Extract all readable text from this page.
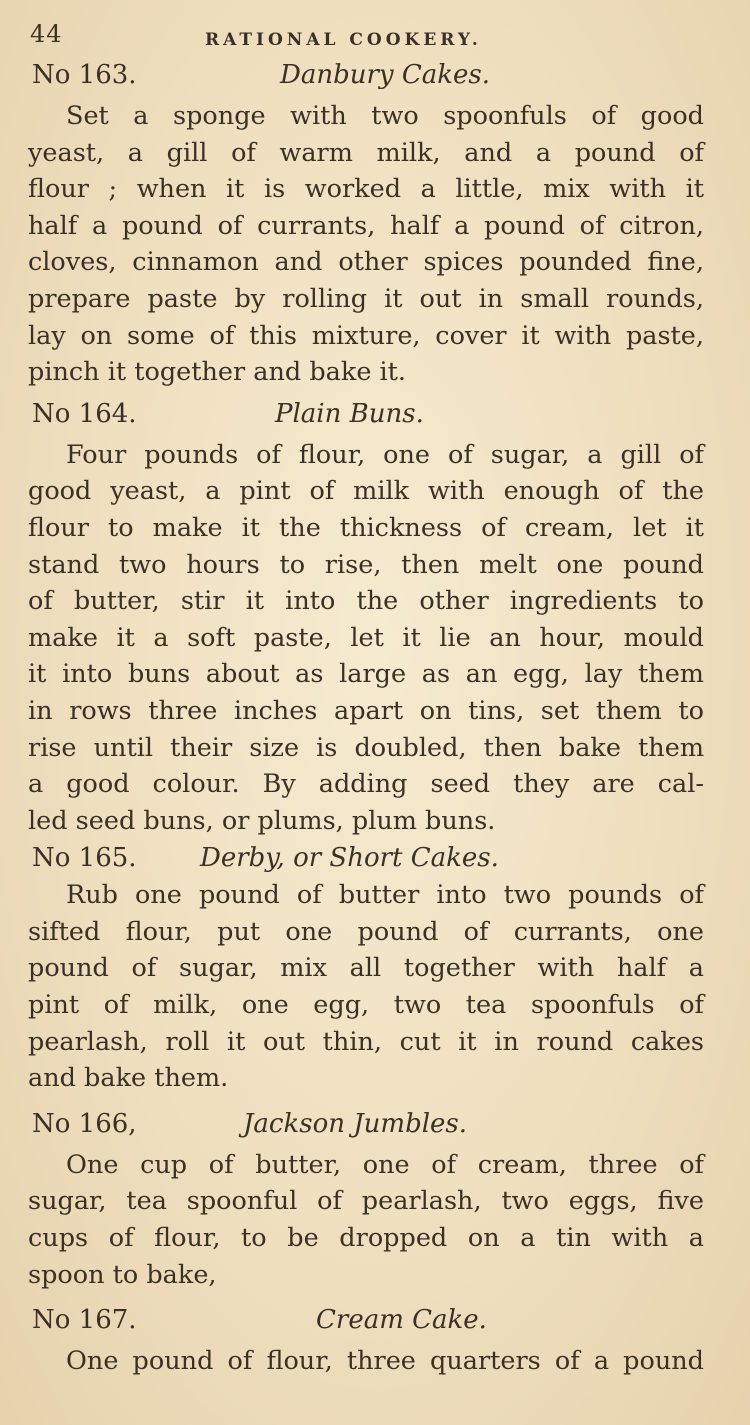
44	RATIONAL COOKERY.
No 163.	Danbury Cakes.
Set a sponge with two spoonfuls of good
yeast, a gill of warm milk, and a pound of
flour ; when it is worked a little, mix with it
half a pound of currants, half a pound of citron,
cloves, cinnamon and other spices pounded fine,
prepare paste by rolling it out in small rounds,
lay on some of this mixture, cover it with paste,
pinch it together and bake it.
No 164.	Plain Buns.
Four pounds of flour, one of sugar, a gill of
good yeast, a pint of milk with enough of the
flour to make it the thickness of cream, let it
stand two hours to rise, then melt one pound
of butter, stir it into the other ingredients to
make it a soft paste, let it lie an hour, mould
it into buns about as large as an egg, lay them
in rows three inches apart on tins, set them to
rise until their size is doubled, then bake them
a good colour. By adding seed they are cal-
led seed buns, or plums, plum buns.
No 165. Derby, or Short Cakes.
Rub one pound of butter into two pounds of
sifted flour, put one pound of currants, one
pound of sugar, mix all together with half a
pint of milk, one egg, two tea spoonfuls of
pearlash, roll it out thin, cut it in round cakes
and bake them.
No 166,	Jackson Jumbles.
One cup of butter, one of cream, three of
sugar, tea spoonful of pearlash, two eggs, five
cups of flour, to be dropped on a tin with a
spoon to bake,
No 167.	Cream Cake.
One pound of flour, three quarters of a pound
